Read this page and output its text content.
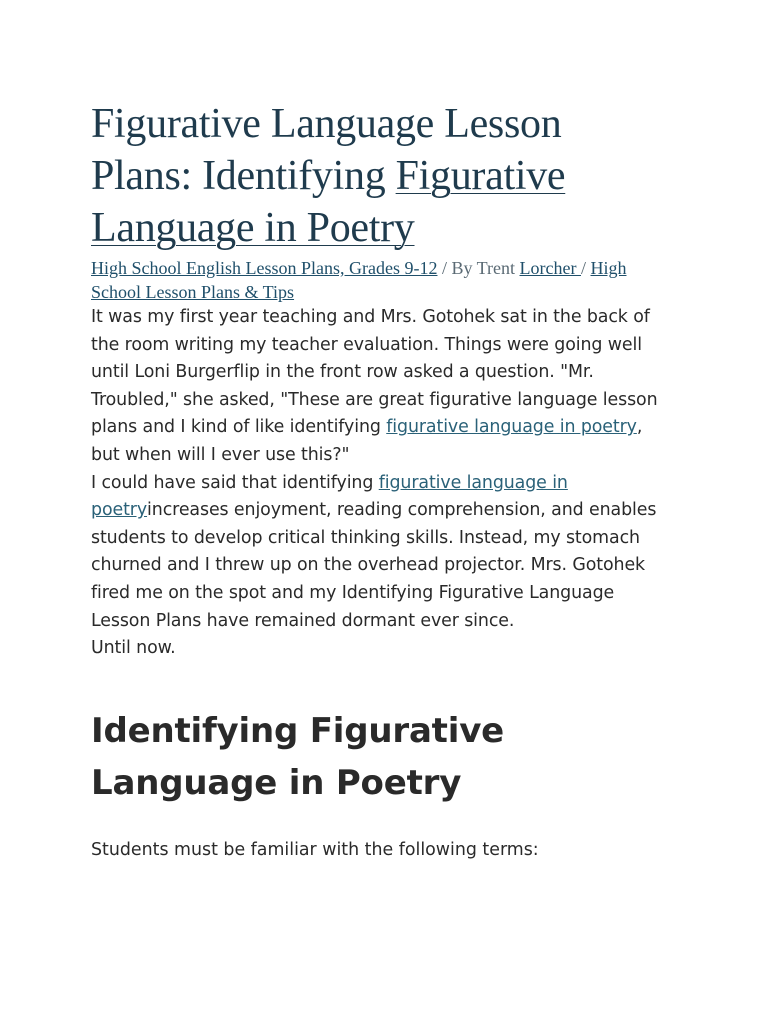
Figurative Language Lesson Plans: Identifying Figurative Language in Poetry
High School English Lesson Plans, Grades 9-12 / By Trent Lorcher / High School Lesson Plans & Tips

It was my first year teaching and Mrs. Gotohek sat in the back of the room writing my teacher evaluation. Things were going well until Loni Burgerflip in the front row asked a question. "Mr. Troubled," she asked, "These are great figurative language lesson plans and I kind of like identifying figurative language in poetry, but when will I ever use this?"

I could have said that identifying figurative language in poetryincreases enjoyment, reading comprehension, and enables students to develop critical thinking skills. Instead, my stomach churned and I threw up on the overhead projector. Mrs. Gotohek fired me on the spot and my Identifying Figurative Language Lesson Plans have remained dormant ever since.

Until now.

Identifying Figurative Language in Poetry

Students must be familiar with the following terms:
